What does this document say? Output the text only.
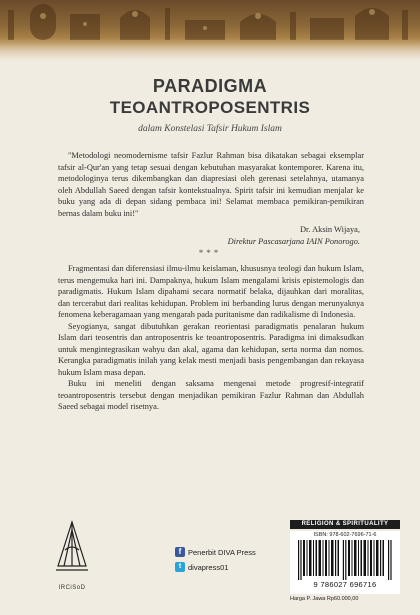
PARADIGMA
TEOANTROPOSENTRIS
dalam Konstelasi Tafsir Hukum Islam

"Metodologi neomodernisme tafsir Fazlur Rahman bisa dikatakan sebagai eksemplar tafsir al-Qur'an yang tetap sesuai dengan kebutuhan masyarakat kontemporer. Karena itu, metodologinya terus dikembangkan dan diapresiasi oleh gerenasi setelahnya, utamanya oleh Abdullah Saeed dengan tafsir kontekstualnya. Spirit tafsir ini kemudian menjalar ke buku yang ada di depan sidang pembaca ini! Selamat membaca pemikiran-pemikiran bernas dalam buku ini!"

Dr. Aksin Wijaya,
Direktur Pascasarjana IAIN Ponorogo.
***

Fragmentasi dan diferensiasi ilmu-ilmu keislaman, khususnya teologi dan hukum Islam, terus mengemuka hari ini. Dampaknya, hukum Islam mengalami krisis epistemologis dan paradigmatis. Hukum Islam dipahami secara normatif belaka, dijauhkan dari moralitas, dan tercerabut dari realitas kehidupan. Problem ini berbanding lurus dengan merunyaknya fenomena keberagamaan yang mengarah pada puritanisme dan radikalisme di Indonesia.

Seyogianya, sangat dibutuhkan gerakan reorientasi paradigmatis penalaran hukum Islam dari teosentris dan antroposentris ke teoantroposentris. Paradigma ini dimaksudkan untuk mengintegrasikan wahyu dan akal, agama dan kehidupan, serta norma dan nomos. Kerangka paradigmatis inilah yang kelak mesti menjadi basis pengembangan dan rekayasa hukum Islam masa depan.

Buku ini meneliti dengan saksama mengenai metode progresif-integratif teoantroposentris tersebut dengan menjadikan pemikiran Fazlur Rahman dan Abdullah Saeed sebagai model risetnya.

IRCiSoD
f Penerbit DIVA Press
t divapress01
RELIGION & SPIRITUALITY
ISBN: 978-602-7696-71-6
9 786027 696716
Harga P. Jawa Rp60.000,00
